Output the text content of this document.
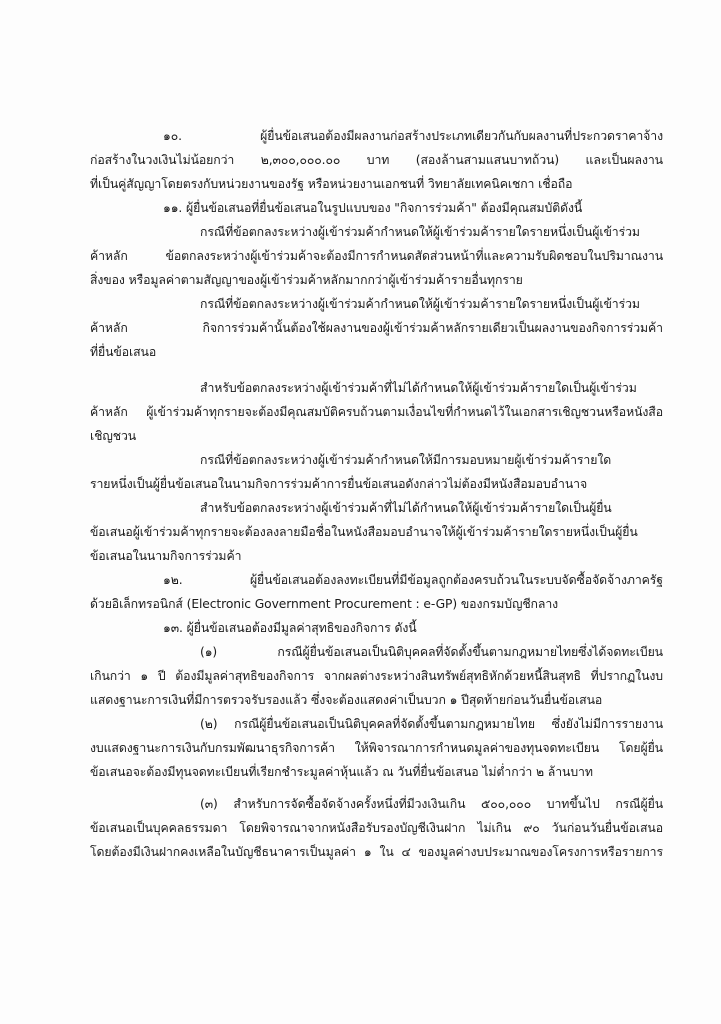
๑๐. ผู้ยื่นข้อเสนอต้องมีผลงานก่อสร้างประเภทเดียวกันกับผลงานที่ประกวดราคาจ้าง
ก่อสร้างในวงเงินไม่น้อยกว่า ๒,๓๐๐,๐๐๐.๐๐ บาท (สองล้านสามแสนบาทถ้วน) และเป็นผลงาน
ที่เป็นคู่สัญญาโดยตรงกับหน่วยงานของรัฐ หรือหน่วยงานเอกชนที่ วิทยาลัยเทคนิคเชกา เชื่อถือ
๑๑. ผู้ยื่นข้อเสนอที่ยื่นข้อเสนอในรูปแบบของ "กิจการร่วมค้า" ต้องมีคุณสมบัติดังนี้
กรณีที่ข้อตกลงระหว่างผู้เข้าร่วมค้ากำหนดให้ผู้เข้าร่วมค้ารายใดรายหนึ่งเป็นผู้เข้าร่วม
ค้าหลัก ข้อตกลงระหว่างผู้เข้าร่วมค้าจะต้องมีการกำหนดสัดส่วนหน้าที่และความรับผิดชอบในปริมาณงาน
สิ่งของ หรือมูลค่าตามสัญญาของผู้เข้าร่วมค้าหลักมากกว่าผู้เข้าร่วมค้ารายอื่นทุกราย
กรณีที่ข้อตกลงระหว่างผู้เข้าร่วมค้ากำหนดให้ผู้เข้าร่วมค้ารายใดรายหนึ่งเป็นผู้เข้าร่วม
ค้าหลัก กิจการร่วมค้านั้นต้องใช้ผลงานของผู้เข้าร่วมค้าหลักรายเดียวเป็นผลงานของกิจการร่วมค้า
ที่ยื่นข้อเสนอ
สำหรับข้อตกลงระหว่างผู้เข้าร่วมค้าที่ไม่ได้กำหนดให้ผู้เข้าร่วมค้ารายใดเป็นผู้เข้าร่วม
ค้าหลัก ผู้เข้าร่วมค้าทุกรายจะต้องมีคุณสมบัติครบถ้วนตามเงื่อนไขที่กำหนดไว้ในเอกสารเชิญชวนหรือหนังสือ
เชิญชวน
กรณีที่ข้อตกลงระหว่างผู้เข้าร่วมค้ากำหนดให้มีการมอบหมายผู้เข้าร่วมค้ารายใด
รายหนึ่งเป็นผู้ยื่นข้อเสนอในนามกิจการร่วมค้าการยื่นข้อเสนอดังกล่าวไม่ต้องมีหนังสือมอบอำนาจ
สำหรับข้อตกลงระหว่างผู้เข้าร่วมค้าที่ไม่ได้กำหนดให้ผู้เข้าร่วมค้ารายใดเป็นผู้ยื่น
ข้อเสนอผู้เข้าร่วมค้าทุกรายจะต้องลงลายมือชื่อในหนังสือมอบอำนาจให้ผู้เข้าร่วมค้ารายใดรายหนึ่งเป็นผู้ยื่น
ข้อเสนอในนามกิจการร่วมค้า
๑๒. ผู้ยื่นข้อเสนอต้องลงทะเบียนที่มีข้อมูลถูกต้องครบถ้วนในระบบจัดซื้อจัดจ้างภาครัฐ
ด้วยอิเล็กทรอนิกส์ (Electronic Government Procurement : e-GP) ของกรมบัญชีกลาง
๑๓. ผู้ยื่นข้อเสนอต้องมีมูลค่าสุทธิของกิจการ ดังนี้
(๑) กรณีผู้ยื่นข้อเสนอเป็นนิติบุคคลที่จัดตั้งขึ้นตามกฎหมายไทยซึ่งได้จดทะเบียน
เกินกว่า ๑ ปี ต้องมีมูลค่าสุทธิของกิจการ จากผลต่างระหว่างสินทรัพย์สุทธิหักด้วยหนี้สินสุทธิ ที่ปรากฏในงบ
แสดงฐานะการเงินที่มีการตรวจรับรองแล้ว ซึ่งจะต้องแสดงค่าเป็นบวก ๑ ปีสุดท้ายก่อนวันยื่นข้อเสนอ
(๒) กรณีผู้ยื่นข้อเสนอเป็นนิติบุคคลที่จัดตั้งขึ้นตามกฎหมายไทย ซึ่งยังไม่มีการรายงาน
งบแสดงฐานะการเงินกับกรมพัฒนาธุรกิจการค้า ให้พิจารณาการกำหนดมูลค่าของทุนจดทะเบียน โดยผู้ยื่น
ข้อเสนอจะต้องมีทุนจดทะเบียนที่เรียกชำระมูลค่าหุ้นแล้ว ณ วันที่ยื่นข้อเสนอ ไม่ต่ำกว่า ๒ ล้านบาท
(๓) สำหรับการจัดซื้อจัดจ้างครั้งหนึ่งที่มีวงเงินเกิน ๕๐๐,๐๐๐ บาทขึ้นไป กรณีผู้ยื่น
ข้อเสนอเป็นบุคคลธรรมดา โดยพิจารณาจากหนังสือรับรองบัญชีเงินฝาก ไม่เกิน ๙๐ วันก่อนวันยื่นข้อเสนอ
โดยต้องมีเงินฝากคงเหลือในบัญชีธนาคารเป็นมูลค่า ๑ ใน ๔ ของมูลค่างบประมาณของโครงการหรือรายการ
